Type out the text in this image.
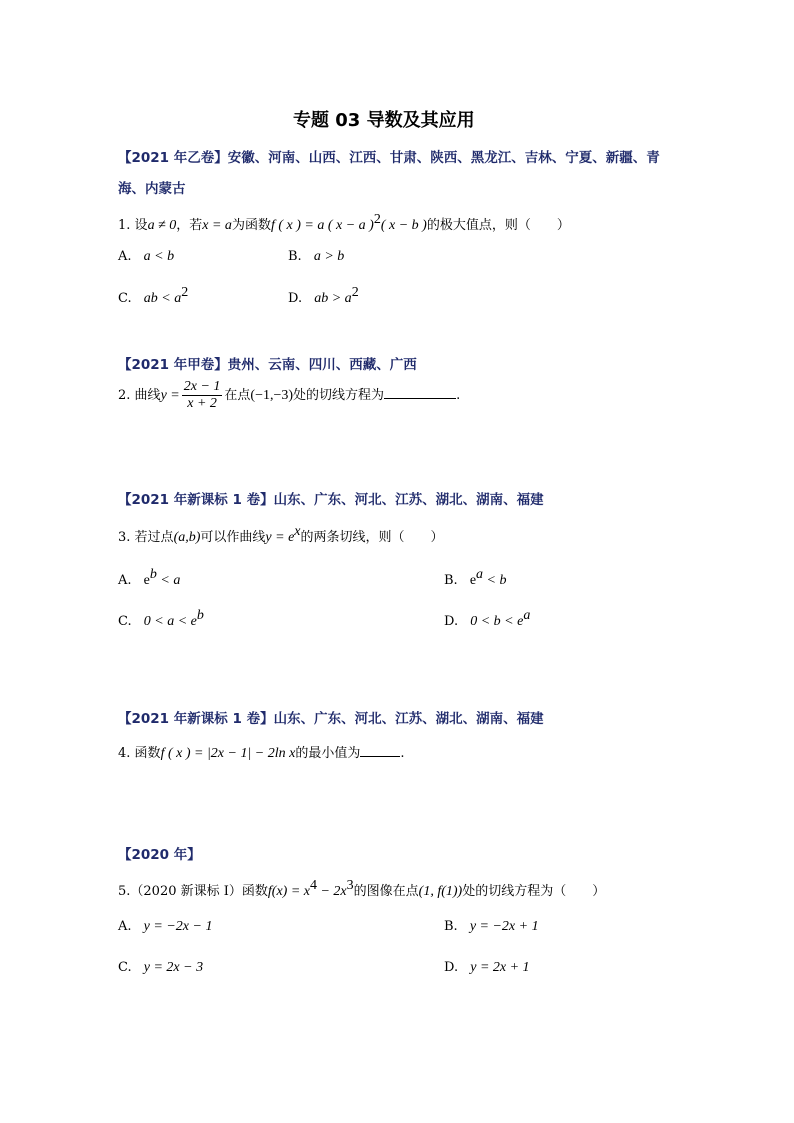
专题 03 导数及其应用
【2021 年乙卷】安徽、河南、山西、江西、甘肃、陕西、黑龙江、吉林、宁夏、新疆、青
海、内蒙古
1. 设a ≠ 0，若x = a为函数f ( x ) = a ( x − a )$^2$( x − b )的极大值点，则（　　）
A. a < b	B. a > b
C. ab < $a^2$	D. ab > $a^2$
【2021 年甲卷】贵州、云南、四川、西藏、广西
2. 曲线$y = \frac{2x - 1}{x + 2}$ 在点(−1,−3)处的切线方程为	.
【2021 年新课标 1 卷】山东、广东、河北、江苏、湖北、湖南、福建
3. 若过点(a,b)可以作曲线$y = e^x$的两条切线，则（　　）
A. $e^b < a$	B. $e^a < b$
C. $0 < a < e^b$	D. $0 < b < e^a$
【2021 年新课标 1 卷】山东、广东、河北、江苏、湖北、湖南、福建
4. 函数f ( x ) = |2x − 1| − 2ln x的最小值为	.
【2020 年】
5.（2020 新课标 I）函数$f(x) = x^4 - 2x^3$的图像在点(1, f(1))处的切线方程为（　　）
A. y = −2x − 1	B. y = −2x + 1
C. y = 2x − 3	D. y = 2x + 1
